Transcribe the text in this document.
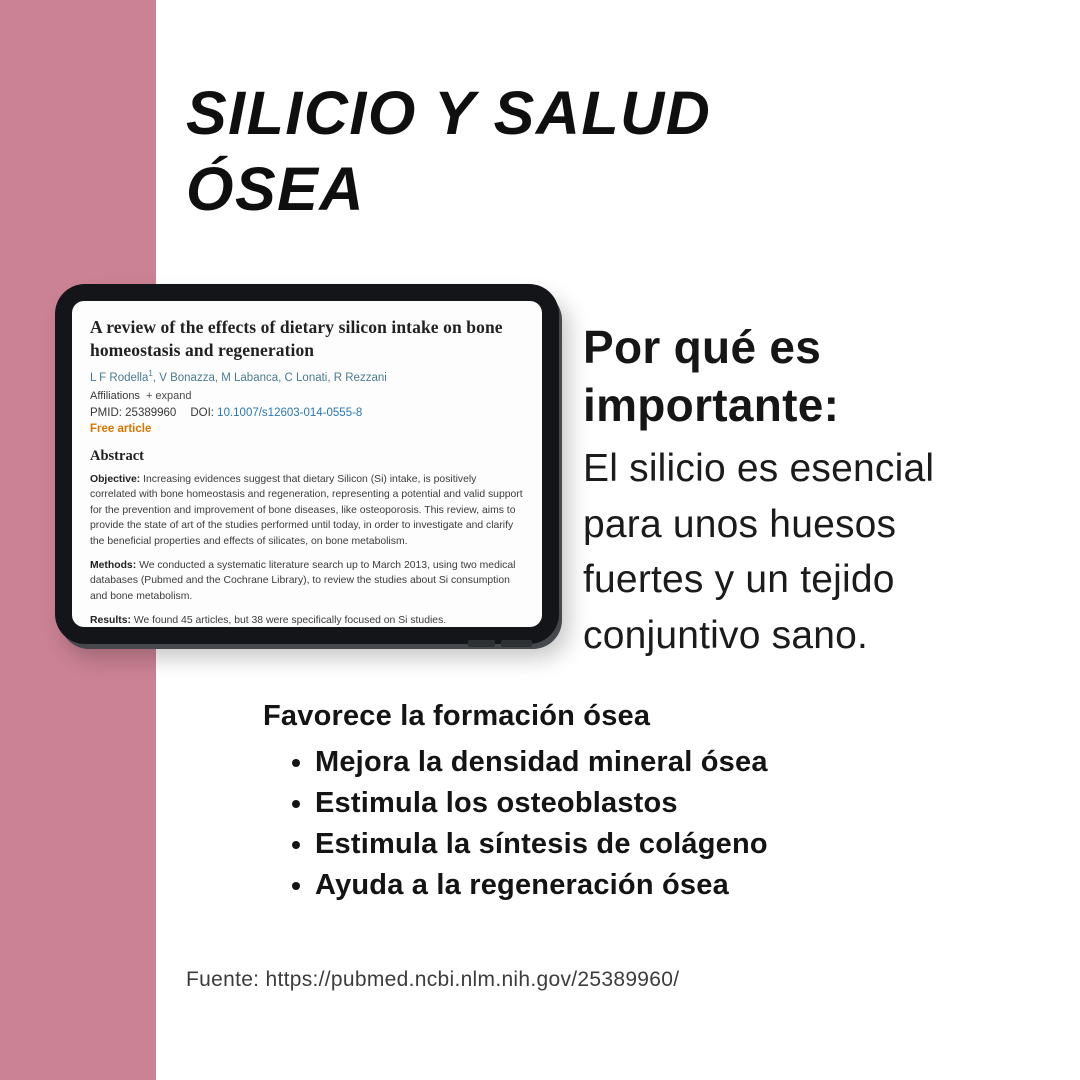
SILICIO Y SALUD
ÓSEA
A review of the effects of dietary silicon intake on bone homeostasis and regeneration
L F Rodella$^1$, V Bonazza, M Labanca, C Lonati, R Rezzani
Affiliations + expand
PMID: 25389960 DOI: 10.1007/s12603-014-0555-8
Free article
Abstract
Objective: Increasing evidences suggest that dietary Silicon (Si) intake, is positively correlated with bone homeostasis and regeneration, representing a potential and valid support for the prevention and improvement of bone diseases, like osteoporosis. This review, aims to provide the state of art of the studies performed until today, in order to investigate and clarify the beneficial properties and effects of silicates, on bone metabolism.
Methods: We conducted a systematic literature search up to March 2013, using two medical databases (Pubmed and the Cochrane Library), to review the studies about Si consumption and bone metabolism.
Results: We found 45 articles, but 38 were specifically focused on Si studies.
Por qué es importante:
El silicio es esencial para unos huesos fuertes y un tejido conjuntivo sano.
Favorece la formación ósea
• Mejora la densidad mineral ósea
• Estimula los osteoblastos
• Estimula la síntesis de colágeno
• Ayuda a la regeneración ósea
Fuente: https://pubmed.ncbi.nlm.nih.gov/25389960/
